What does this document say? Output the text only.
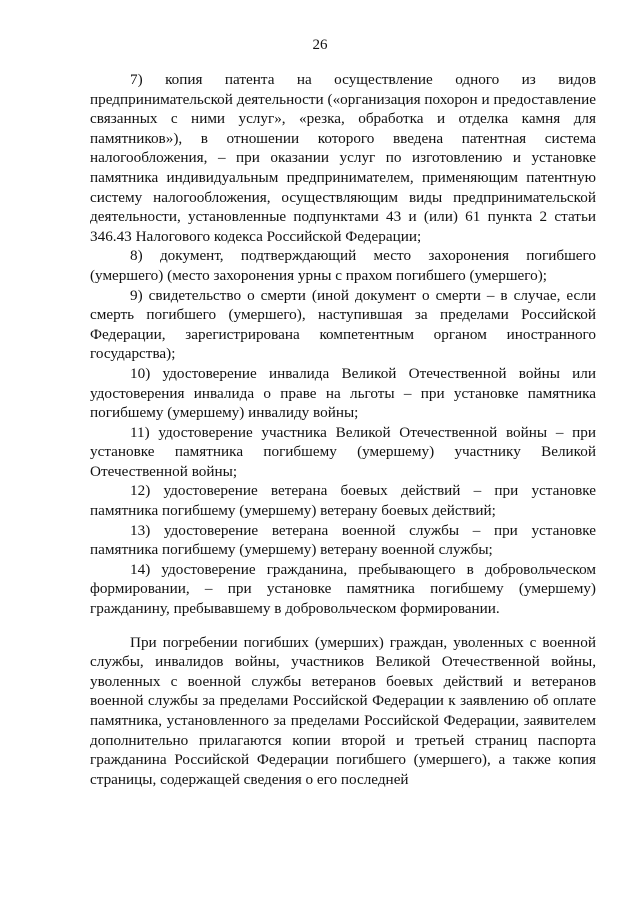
26

7) копия патента на осуществление одного из видов предпринимательской деятельности («организация похорон и предоставление связанных с ними услуг», «резка, обработка и отделка камня для памятников»), в отношении которого введена патентная система налогообложения, – при оказании услуг по изготовлению и установке памятника индивидуальным предпринимателем, применяющим патентную систему налогообложения, осуществляющим виды предпринимательской деятельности, установленные подпунктами 43 и (или) 61 пункта 2 статьи 346.43 Налогового кодекса Российской Федерации;

8) документ, подтверждающий место захоронения погибшего (умершего) (место захоронения урны с прахом погибшего (умершего);

9) свидетельство о смерти (иной документ о смерти – в случае, если смерть погибшего (умершего), наступившая за пределами Российской Федерации, зарегистрирована компетентным органом иностранного государства);

10) удостоверение инвалида Великой Отечественной войны или удостоверения инвалида о праве на льготы – при установке памятника погибшему (умершему) инвалиду войны;

11) удостоверение участника Великой Отечественной войны – при установке памятника погибшему (умершему) участнику Великой Отечественной войны;

12) удостоверение ветерана боевых действий – при установке памятника погибшему (умершему) ветерану боевых действий;

13) удостоверение ветерана военной службы – при установке памятника погибшему (умершему) ветерану военной службы;

14) удостоверение гражданина, пребывающего в добровольческом формировании, – при установке памятника погибшему (умершему) гражданину, пребывавшему в добровольческом формировании.

При погребении погибших (умерших) граждан, уволенных с военной службы, инвалидов войны, участников Великой Отечественной войны, уволенных с военной службы ветеранов боевых действий и ветеранов военной службы за пределами Российской Федерации к заявлению об оплате памятника, установленного за пределами Российской Федерации, заявителем дополнительно прилагаются копии второй и третьей страниц паспорта гражданина Российской Федерации погибшего (умершего), а также копия страницы, содержащей сведения о его последней
